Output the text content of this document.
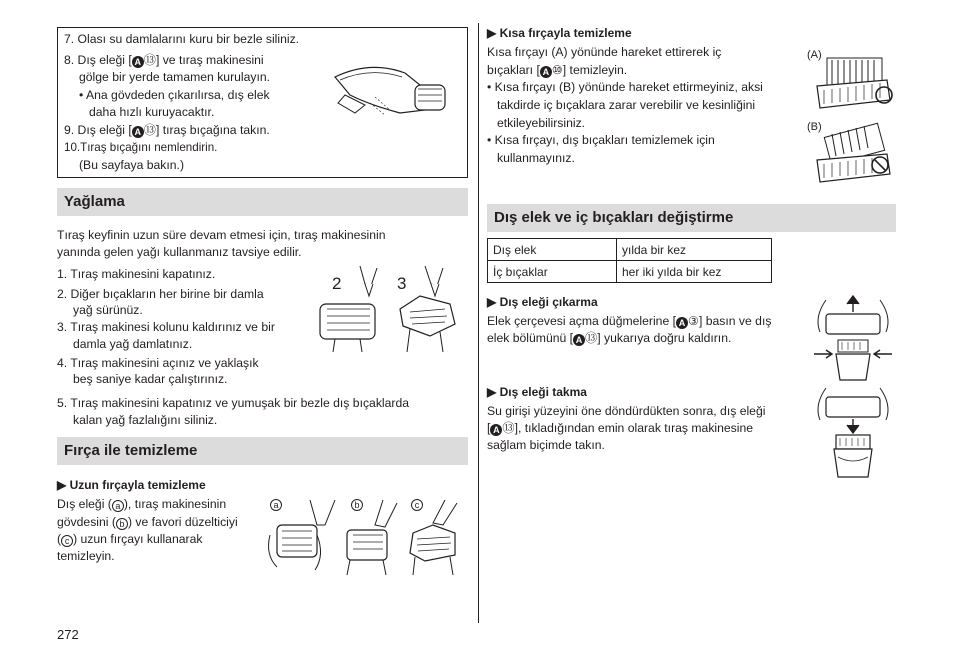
7. Olası su damlalarını kuru bir bezle siliniz.
8. Dış eleği [ A ⑬] ve tıraş makinesini
gölge bir yerde tamamen kurulayın.
• Ana gövdeden çıkarılırsa, dış elek
daha hızlı kuruyacaktır.
9. Dış eleği [ A ⑬] tıraş bıçağına takın.
10.Tıraş bıçağını nemlendirin.
(Bu sayfaya bakın.)
Yağlama
Tıraş keyfinin uzun süre devam etmesi için, tıraş makinesinin
yanında gelen yağı kullanmanız tavsiye edilir.
1. Tıraş makinesini kapatınız.
2. Diğer bıçakların her birine bir damla
yağ sürünüz.
3. Tıraş makinesi kolunu kaldırınız ve bir
damla yağ damlatınız.
4. Tıraş makinesini açınız ve yaklaşık
beş saniye kadar çalıştırınız.
5. Tıraş makinesini kapatınız ve yumuşak bir bezle dış bıçaklarda
kalan yağ fazlalığını siliniz.
2	3
Fırça ile temizleme
▶ Uzun fırçayla temizleme
Dış eleği ( a ), tıraş makinesinin
gövdesini ( b ) ve favori düzelticiyi
( c ) uzun fırçayı kullanarak
temizleyin.
a	b	c
272
▶ Kısa fırçayla temizleme
Kısa fırçayı (A) yönünde hareket ettirerek iç
bıçakları [ A ⑩] temizleyin.
• Kısa fırçayı (B) yönünde hareket ettirmeyiniz, aksi
takdirde iç bıçaklara zarar verebilir ve kesinliğini
etkileyebilirsiniz.
• Kısa fırçayı, dış bıçakları temizlemek için
kullanmayınız.
(A)
(B)
Dış elek ve iç bıçakları değiştirme
Dış elek	yılda bir kez
İç bıçaklar	her iki yılda bir kez
▶ Dış eleği çıkarma
Elek çerçevesi açma düğmelerine [ A ③] basın ve dış
elek bölümünü [ A ⑬] yukarıya doğru kaldırın.
▶ Dış eleği takma
Su girişi yüzeyini öne döndürdükten sonra, dış eleği
[ A ⑬], tıkladığından emin olarak tıraş makinesine
sağlam biçimde takın.
